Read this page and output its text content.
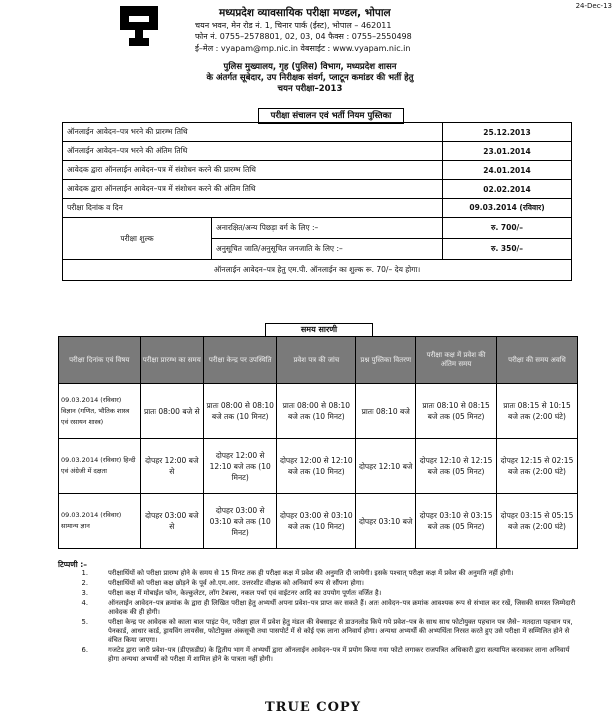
24-Dec-13
मध्यप्रदेश व्यावसायिक परीक्षा मण्डल, भोपाल
चयन भवन, मेन रोड नं. 1, चिनार पार्क (ईस्ट), भोपाल – 462011
फोन नं. 0755–2578801, 02, 03, 04 फैक्स : 0755–2550498
ई–मेल : vyapam@mp.nic.in वेबसाईट : www.vyapam.nic.in
पुलिस मुख्यालय, गृह (पुलिस) विभाग, मध्यप्रदेश शासन
के अंतर्गत सूबेदार, उप निरीक्षक संवर्ग, प्लाटून कमांडर की भर्ती हेतु
चयन परीक्षा–2013
परीक्षा संचालन एवं भर्ती नियम पुस्तिका
ऑनलाईन आवेदन–पत्र भरने की प्रारम्भ तिथि		25.12.2013
ऑनलाईन आवेदन–पत्र भरने की अंतिम तिथि		23.01.2014
आवेदक द्वारा ऑनलाईन आवेदन–पत्र में संशोधन करने की प्रारम्भ तिथि		24.01.2014
आवेदक द्वारा ऑनलाईन आवेदन–पत्र में संशोधन करने की अंतिम तिथि		02.02.2014
परीक्षा दिनांक व दिन		09.03.2014 (रविवार)
परीक्षा शुल्क	अनारक्षित/अन्य पिछड़ा वर्ग के लिए :–	रु. 700/–
	अनुसूचित जाति/अनुसूचित जनजाति के लिए :–	रु. 350/–
ऑनलाईन आवेदन–पत्र हेतु एम.पी. ऑनलाईन का शुल्क रू. 70/– देय होगा।		
समय सारणी
परीक्षा दिनांक एवं विषय	परीक्षा प्रारम्भ का समय	परीक्षा केन्द्र पर उपस्थिति	प्रवेश पत्र की जांच	प्रश्न पुस्तिका वितरण	परीक्षा कक्ष में प्रवेश की अंतिम समय	परीक्षा की समय अवधि
09.03.2014 (रविवार) विज्ञान (गणित, भौतिक शास्त्र एवं रसायन शास्त्र)	प्रातः 08:00 बजे से	प्रातः 08:00 से 08:10 बजे तक (10 मिनट)	प्रातः 08:00 से 08:10 बजे तक (10 मिनट)	प्रातः 08:10 बजे	प्रातः 08:10 से 08:15 बजे तक (05 मिनट)	प्रातः 08:15 से 10:15 बजे तक (2:00 घंटे)
09.03.2014 (रविवार) हिन्दी एवं अंग्रेजी में दक्षता	दोपहर 12:00 बजे से	दोपहर 12:00 से 12:10 बजे तक (10 मिनट)	दोपहर 12:00 से 12:10 बजे तक (10 मिनट)	दोपहर 12:10 बजे	दोपहर 12:10 से 12:15 बजे तक (05 मिनट)	दोपहर 12:15 से 02:15 बजे तक (2:00 घंटे)
09.03.2014 (रविवार) सामान्य ज्ञान	दोपहर 03:00 बजे से	दोपहर 03:00 से 03:10 बजे तक (10 मिनट)	दोपहर 03:00 से 03:10 बजे तक (10 मिनट)	दोपहर 03:10 बजे	दोपहर 03:10 से 03:15 बजे तक (05 मिनट)	दोपहर 03:15 से 05:15 बजे तक (2:00 घंटे)
टिप्पणी :–
1.	परीक्षार्थियों को परीक्षा प्रारम्भ होने के समय से 15 मिनट तक ही परीक्षा कक्ष में प्रवेश की अनुमति दी जायेगी। इसके पश्चात् परीक्षा कक्ष में प्रवेश की अनुमति नहीं होगी।
2.	परीक्षार्थियों को परीक्षा कक्ष छोड़ने के पूर्व ओ.एम.आर. उत्तरशीट वीक्षक को अनिवार्य रूप से सौंपना होगा।
3.	परीक्षा कक्ष में मोबाईल फोन, केल्कुलेटर, लॉग टेबल्स, नकल पर्चा एवं वाईटनर आदि का उपयोग पूर्णतः वर्जित है।
4.	ऑनलाईन आवेदन–पत्र क्रमांक के द्वारा ही लिखित परीक्षा हेतु अभ्यर्थी अपना प्रवेश–पत्र प्राप्त कर सकते हैं। अतः आवेदन–पत्र क्रमांक आवश्यक रूप से संभाल कर रखें, जिसकी समस्त जिम्मेदारी आवेदक की ही होगी।
5.	परीक्षा केन्द्र पर आवेदक को काला बाल पाइंट पेन, परीक्षा हाल में प्रवेश हेतु मंडल की वेबसाइट से डाउनलोड किये गये प्रवेश–पत्र के साथ साथ फोटोयुक्त पहचान पत्र जैसे– मतदाता पहचान पत्र, पेनकार्ड, आधार कार्ड, ड्रायविंग लायसेंस, फोटोयुक्त अंकसूची तथा पासपोर्ट में से कोई एक लाना अनिवार्य होगा। अन्यथा अभ्यर्थी की अभ्यर्थिता निरस्त करते हुए उसे परीक्षा में सम्मिलित होने से वंचित किया जाएगा।
6.	गजटेड द्वारा जारी प्रवेश–पत्र (डीएफ़डीप्र) के द्वितीय भाग में अभ्यर्थी द्वारा ऑनलाईन आवेदन–पत्र में प्रयोग किया गया फोटो लगाकर राजपत्रित अधिकारी द्वारा सत्यापित करवाकर लाना अनिवार्य होगा अन्यथा अभ्यर्थी को परीक्षा में शामिल होने के पात्रता नहीं होगी।
TRUE COPY
